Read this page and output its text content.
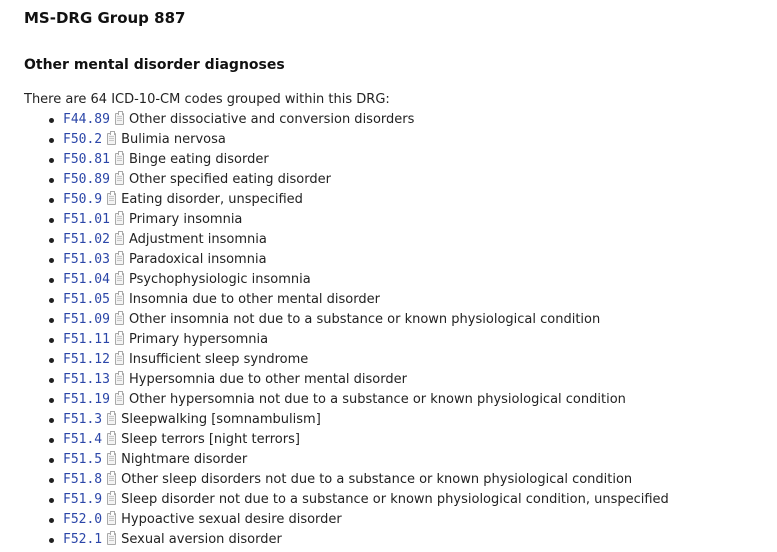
MS-DRG Group 887
Other mental disorder diagnoses

There are 64 ICD-10-CM codes grouped within this DRG:

F44.89 Other dissociative and conversion disorders
F50.2 Bulimia nervosa
F50.81 Binge eating disorder
F50.89 Other specified eating disorder
F50.9 Eating disorder, unspecified
F51.01 Primary insomnia
F51.02 Adjustment insomnia
F51.03 Paradoxical insomnia
F51.04 Psychophysiologic insomnia
F51.05 Insomnia due to other mental disorder
F51.09 Other insomnia not due to a substance or known physiological condition
F51.11 Primary hypersomnia
F51.12 Insufficient sleep syndrome
F51.13 Hypersomnia due to other mental disorder
F51.19 Other hypersomnia not due to a substance or known physiological condition
F51.3 Sleepwalking [somnambulism]
F51.4 Sleep terrors [night terrors]
F51.5 Nightmare disorder
F51.8 Other sleep disorders not due to a substance or known physiological condition
F51.9 Sleep disorder not due to a substance or known physiological condition, unspecified
F52.0 Hypoactive sexual desire disorder
F52.1 Sexual aversion disorder
